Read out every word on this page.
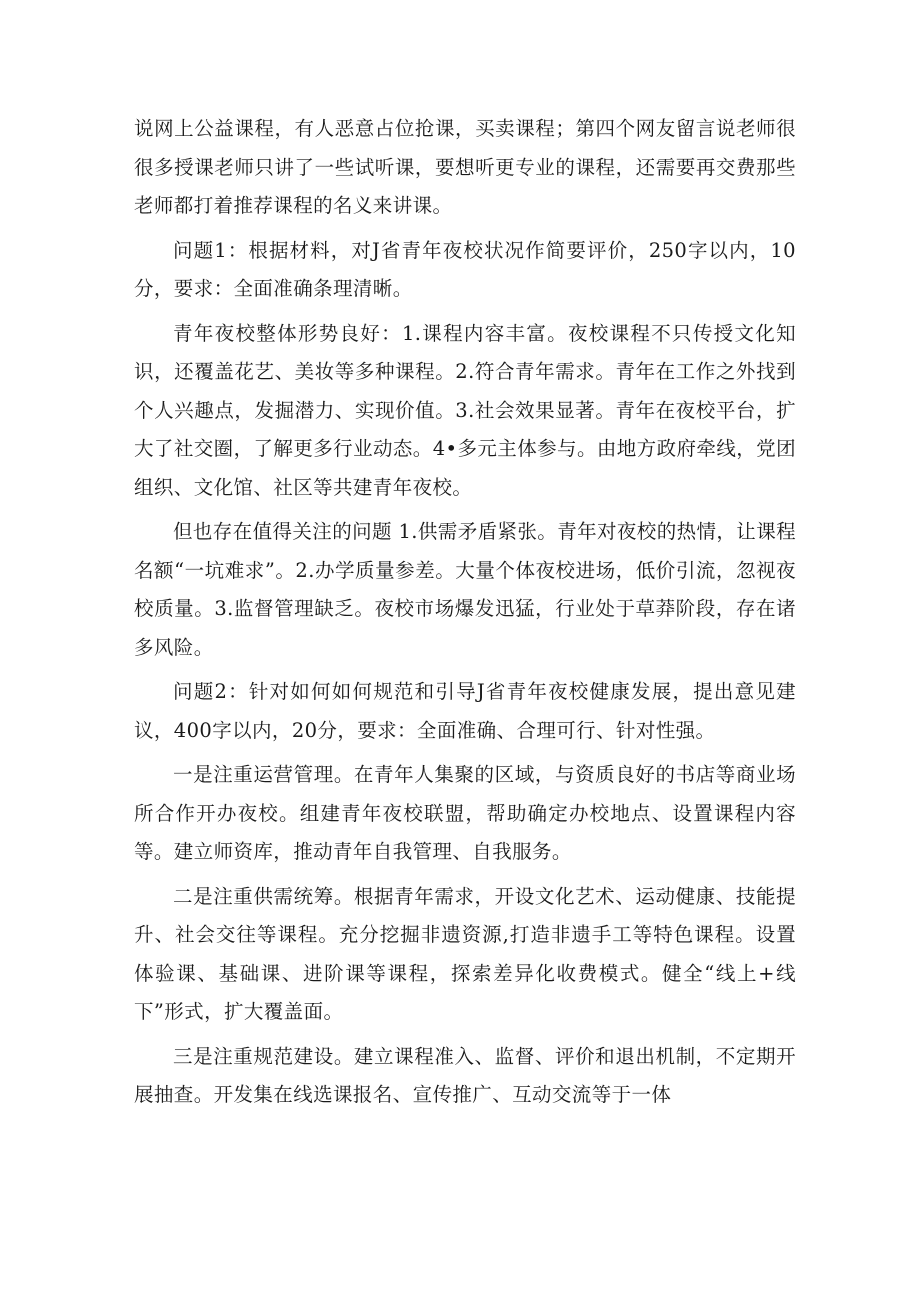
说网上公益课程，有人恶意占位抢课，买卖课程；第四个网友留言说老师很很多授课老师只讲了一些试听课，要想听更专业的课程，还需要再交费那些老师都打着推荐课程的名义来讲课。

问题1：根据材料，对J省青年夜校状况作简要评价，250字以内，10分，要求：全面准确条理清晰。

青年夜校整体形势良好：1.课程内容丰富。夜校课程不只传授文化知识，还覆盖花艺、美妆等多种课程。2.符合青年需求。青年在工作之外找到个人兴趣点，发掘潜力、实现价值。3.社会效果显著。青年在夜校平台，扩大了社交圈，了解更多行业动态。4•多元主体参与。由地方政府牵线，党团组织、文化馆、社区等共建青年夜校。

但也存在值得关注的问题 1.供需矛盾紧张。青年对夜校的热情，让课程名额“一坑难求”。2.办学质量参差。大量个体夜校进场，低价引流，忽视夜校质量。3.监督管理缺乏。夜校市场爆发迅猛，行业处于草莽阶段，存在诸多风险。

问题2：针对如何如何规范和引导J省青年夜校健康发展，提出意见建议，400字以内，20分，要求：全面准确、合理可行、针对性强。

一是注重运营管理。在青年人集聚的区域，与资质良好的书店等商业场所合作开办夜校。组建青年夜校联盟，帮助确定办校地点、设置课程内容等。建立师资库，推动青年自我管理、自我服务。

二是注重供需统筹。根据青年需求，开设文化艺术、运动健康、技能提升、社会交往等课程。充分挖掘非遗资源,打造非遗手工等特色课程。设置体验课、基础课、进阶课等课程，探索差异化收费模式。健全“线上+线下”形式，扩大覆盖面。

三是注重规范建设。建立课程准入、监督、评价和退出机制，不定期开展抽查。开发集在线选课报名、宣传推广、互动交流等于一体
